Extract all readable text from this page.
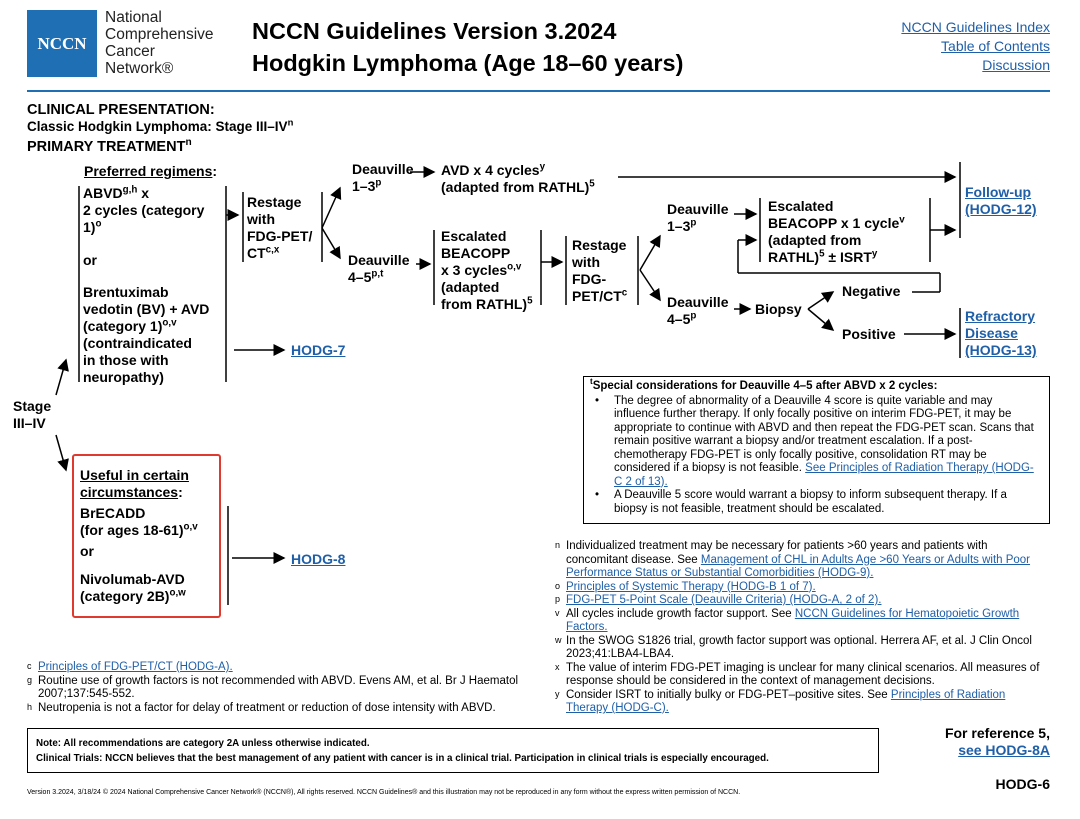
NCCN
National
Comprehensive
Cancer
Network®
NCCN Guidelines Version 3.2024
Hodgkin Lymphoma (Age 18–60 years)
NCCN Guidelines Index
Table of Contents
Discussion
CLINICAL PRESENTATION:
Classic Hodgkin Lymphoma: Stage III–$IV^n$
PRIMARY TREATMENT$^n$
Stage
III–IV
Preferred regimens:
ABVD$^{g,h}$ x
2 cycles (category
1)$^o$
or
Brentuximab
vedotin (BV) + AVD
(category 1)$^{o,v}$
(contraindicated
in those with
neuropathy)
HODG-7
Restage
with
FDG-PET/
CT$^{c,x}$
Deauville
1–3$^p$
Deauville
4–5$^{p,t}$
AVD x 4 cycles$^y$
(adapted from RATHL)$^5$
Escalated
BEACOPP
x 3 cycles$^{o,v}$
(adapted
from RATHL)$^5$
Restage
with
FDG-
PET/$CT^c$
Deauville
1–3$^p$
Deauville
4–5$^p$
Escalated
BEACOPP x 1 cycle$^v$
(adapted from
RATHL)$^5$ ± $ISRT^y$
Biopsy
Negative
Positive
Follow-up
(HODG-12)
Refractory
Disease
(HODG-13)
$^t$Special considerations for Deauville 4–5 after ABVD x 2 cycles:
• The degree of abnormality of a Deauville 4 score is quite variable and may influence further therapy. If only focally positive on interim FDG-PET, it may be appropriate to continue with ABVD and then repeat the FDG-PET scan. Scans that remain positive warrant a biopsy and/or treatment escalation. If a post-chemotherapy FDG-PET is only focally positive, consolidation RT may be considered if a biopsy is not feasible. See Principles of Radiation Therapy (HODG-C 2 of 13).
• A Deauville 5 score would warrant a biopsy to inform subsequent therapy. If a biopsy is not feasible, treatment should be escalated.
Useful in certain
circumstances:
BrECADD
(for ages 18-61)$^{o,v}$
or
Nivolumab-AVD
(category 2B)$^{o,w}$
HODG-8
c Principles of FDG-PET/CT (HODG-A).
g Routine use of growth factors is not recommended with ABVD. Evens AM, et al. Br J Haematol 2007;137:545-552.
h Neutropenia is not a factor for delay of treatment or reduction of dose intensity with ABVD.
n Individualized treatment may be necessary for patients >60 years and patients with concomitant disease. See Management of CHL in Adults Age >60 Years or Adults with Poor Performance Status or Substantial Comorbidities (HODG-9).
o Principles of Systemic Therapy (HODG-B 1 of 7).
p FDG-PET 5-Point Scale (Deauville Criteria) (HODG-A, 2 of 2).
v All cycles include growth factor support. See NCCN Guidelines for Hematopoietic Growth Factors.
w In the SWOG S1826 trial, growth factor support was optional. Herrera AF, et al. J Clin Oncol 2023;41:LBA4-LBA4.
x The value of interim FDG-PET imaging is unclear for many clinical scenarios. All measures of response should be considered in the context of management decisions.
y Consider ISRT to initially bulky or FDG-PET–positive sites. See Principles of Radiation Therapy (HODG-C).
Note: All recommendations are category 2A unless otherwise indicated.
Clinical Trials: NCCN believes that the best management of any patient with cancer is in a clinical trial. Participation in clinical trials is especially encouraged.
For reference 5,
see HODG-8A
HODG-6
Version 3.2024, 3/18/24 © 2024 National Comprehensive Cancer Network® (NCCN®), All rights reserved. NCCN Guidelines® and this illustration may not be reproduced in any form without the express written permission of NCCN.
